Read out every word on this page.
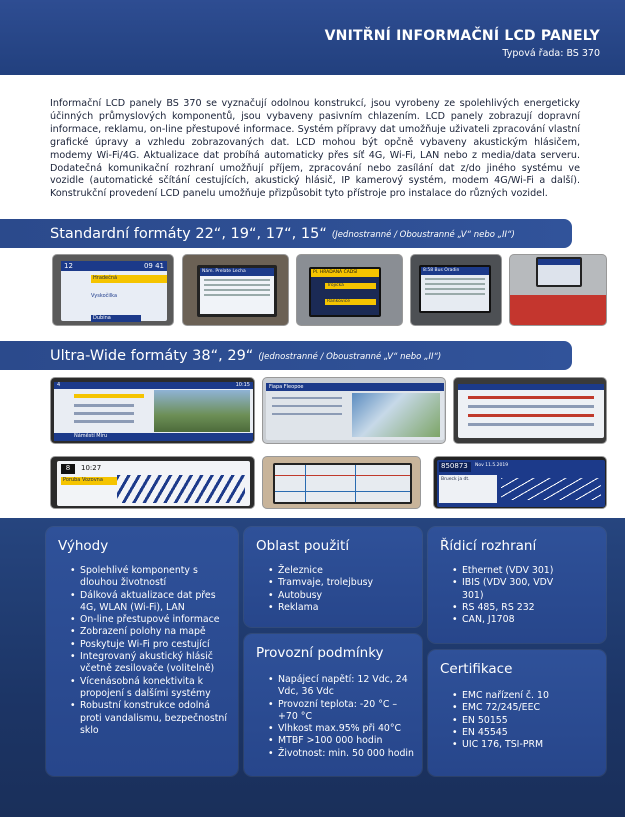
VNITŘNÍ INFORMAČNÍ LCD PANELY
Typová řada: BS 370
Informační LCD panely BS 370 se vyznačují odolnou konstrukcí, jsou vyrobeny ze spolehlivých energeticky účinných průmyslových komponentů, jsou vybaveny pasivním chlazením. LCD panely zobrazují dopravní informace, reklamu, on-line přestupové informace. Systém přípravy dat umožňuje uživateli zpracování vlastní grafické úpravy a vzhledu zobrazovaných dat. LCD mohou být opčně vybaveny akustickým hlásičem, modemy Wi-Fi/4G. Aktualizace dat probíhá automaticky přes síť 4G, Wi-Fi, LAN nebo z media/data serveru. Dodatečná komunikační rozhraní umožňují příjem, zpracování nebo zasílání dat z/do jiného systému ve vozidle (automatické sčítání cestujících, akustický hlásič, IP kamerový systém, modem 4G/Wi-Fi a další). Konstrukční provedení LCD panelu umožňuje přizpůsobit tyto přístroje pro instalace do různých vozidel.
Standardní formáty 22“, 19“, 17“, 15“ (Jednostranné / Oboustranné „V“ nebo „II“)
12	09 41
Hradečná
Vyskočilka
Dubina
Nám. Prelate Lecha	Pl. HRADANÁ ČADSÍ
Trojická
Rankovice
8:58 Bus Oradin
Ultra-Wide formáty 38“, 29“ (Jednostranné / Oboustranné „V“ nebo „II“)
4	10:15
Náměstí Míru
Fiapa Fleopoe
8	10:27
Poruba Vozovna
850873	Nov 11.5.2019
Brueck ja dt.
Výhody
• Spolehlivé komponenty s dlouhou životností
• Dálková aktualizace dat přes 4G, WLAN (Wi-Fi), LAN
• On-line přestupové informace
• Zobrazení polohy na mapě
• Poskytuje Wi-Fi pro cestující
• Integrovaný akustický hlásič včetně zesilovače (volitelně)
• Vícenásobná konektivita k propojení s dalšími systémy
• Robustní konstrukce odolná proti vandalismu, bezpečnostní sklo
Oblast použití
• Železnice
• Tramvaje, trolejbusy
• Autobusy
• Reklama
Provozní podmínky
• Napájecí napětí: 12 Vdc, 24 Vdc, 36 Vdc
• Provozní teplota: -20 °C – +70 °C
• Vlhkost max.95% při 40°C
• MTBF >100 000 hodin
• Životnost: min. 50 000 hodin
Řídicí rozhraní
• Ethernet (VDV 301)
• IBIS (VDV 300, VDV 301)
• RS 485, RS 232
• CAN, J1708
Certifikace
• EMC nařízení č. 10
• EMC 72/245/EEC
• EN 50155
• EN 45545
• UIC 176, TSI-PRM
